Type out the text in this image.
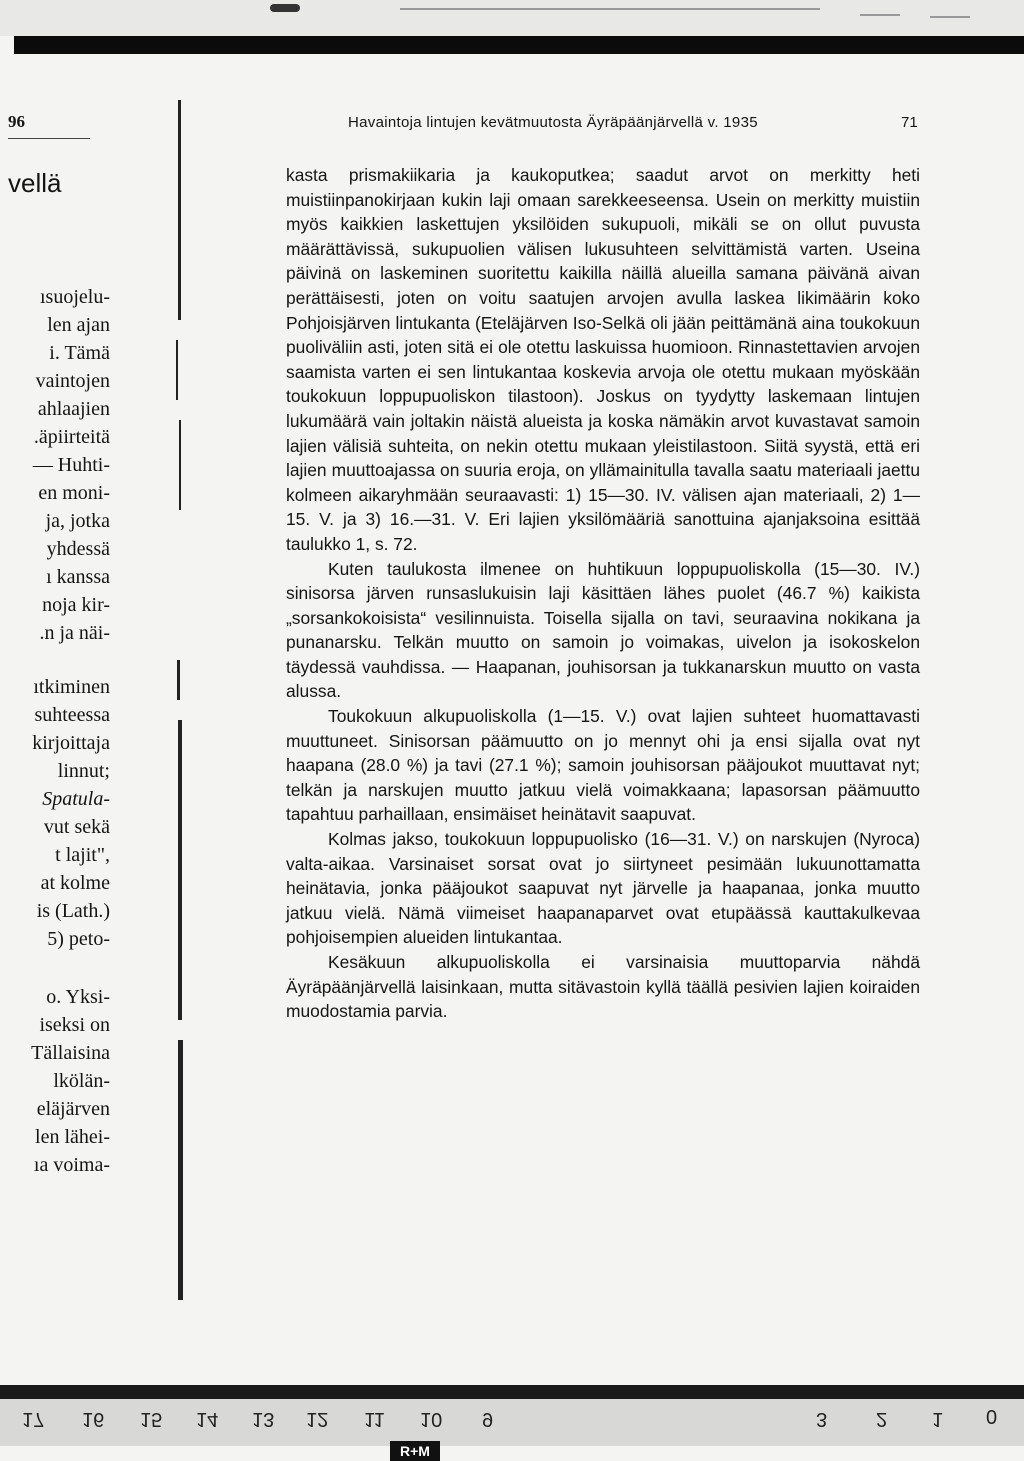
96
vellä
ısuojelu-
len ajan
i. Tämä
vaintojen
ahlaajien
.äpiirteitä
— Huhti-
en moni-
ja, jotka
yhdessä
ı kanssa
noja kir-
.n ja näi-
ıtkiminen
suhteessa
kirjoittaja
linnut;
Spatula-
vut sekä
t lajit",
at kolme
is (Lath.)
5) peto-
o. Yksi-
iseksi on
Tällaisina
lkölän-
eläjärven
len lähei-
ıa voima-
Havaintoja lintujen kevätmuutosta Äyräpäänjärvellä v. 1935	71
kasta prismakiikaria ja kaukoputkea; saadut arvot on merkitty heti muistiinpanokirjaan kukin laji omaan sarekkeeseensa. Usein on merkitty muistiin myös kaikkien laskettujen yksilöiden sukupuoli, mikäli se on ollut puvusta määrättävissä, sukupuolien välisen lukusuhteen selvittämistä varten. Useina päivinä on laskeminen suoritettu kaikilla näillä alueilla samana päivänä aivan perättäisesti, joten on voitu saatujen arvojen avulla laskea likimäärin koko Pohjoisjärven lintukanta (Eteläjärven Iso-Selkä oli jään peittämänä aina toukokuun puoliväliin asti, joten sitä ei ole otettu laskuissa huomioon. Rinnastettavien arvojen saamista varten ei sen lintukantaa koskevia arvoja ole otettu mukaan myöskään toukokuun loppupuoliskon tilastoon). Joskus on tyydytty laskemaan lintujen lukumäärä vain joltakin näistä alueista ja koska nämäkin arvot kuvastavat samoin lajien välisiä suhteita, on nekin otettu mukaan yleistilastoon. Siitä syystä, että eri lajien muuttoajassa on suuria eroja, on yllämainitulla tavalla saatu materiaali jaettu kolmeen aikaryhmään seuraavasti: 1) 15—30. IV. välisen ajan materiaali, 2) 1—15. V. ja 3) 16.—31. V. Eri lajien yksilömääriä sanottuina ajanjaksoina esittää taulukko 1, s. 72.
Kuten taulukosta ilmenee on huhtikuun loppupuoliskolla (15—30. IV.) sinisorsa järven runsaslukuisin laji käsittäen lähes puolet (46.7 %) kaikista „sorsankokoisista“ vesilinnuista. Toisella sijalla on tavi, seuraavina nokikana ja punanarsku. Telkän muutto on samoin jo voimakas, uivelon ja isokoskelon täydessä vauhdissa. — Haapanan, jouhisorsan ja tukkanarskun muutto on vasta alussa.
Toukokuun alkupuoliskolla (1—15. V.) ovat lajien suhteet huomattavasti muuttuneet. Sinisorsan päämuutto on jo mennyt ohi ja ensi sijalla ovat nyt haapana (28.0 %) ja tavi (27.1 %); samoin jouhisorsan pääjoukot muuttavat nyt; telkän ja narskujen muutto jatkuu vielä voimakkaana; lapasorsan päämuutto tapahtuu parhaillaan, ensimäiset heinätavit saapuvat.
Kolmas jakso, toukokuun loppupuolisko (16—31. V.) on narskujen (Nyroca) valta-aikaa. Varsinaiset sorsat ovat jo siirtyneet pesimään lukuunottamatta heinätavia, jonka pääjoukot saapuvat nyt järvelle ja haapanaa, jonka muutto jatkuu vielä. Nämä viimeiset haapanaparvet ovat etupäässä kauttakulkevaa pohjoisempien alueiden lintukantaa.
Kesäkuun alkupuoliskolla ei varsinaisia muuttoparvia nähdä Äyräpäänjärvellä laisinkaan, mutta sitävastoin kyllä täällä pesivien lajien koiraiden muodostamia parvia.
17 16 15 14 13 12 11 10 9	3 2 1 0
R+M
